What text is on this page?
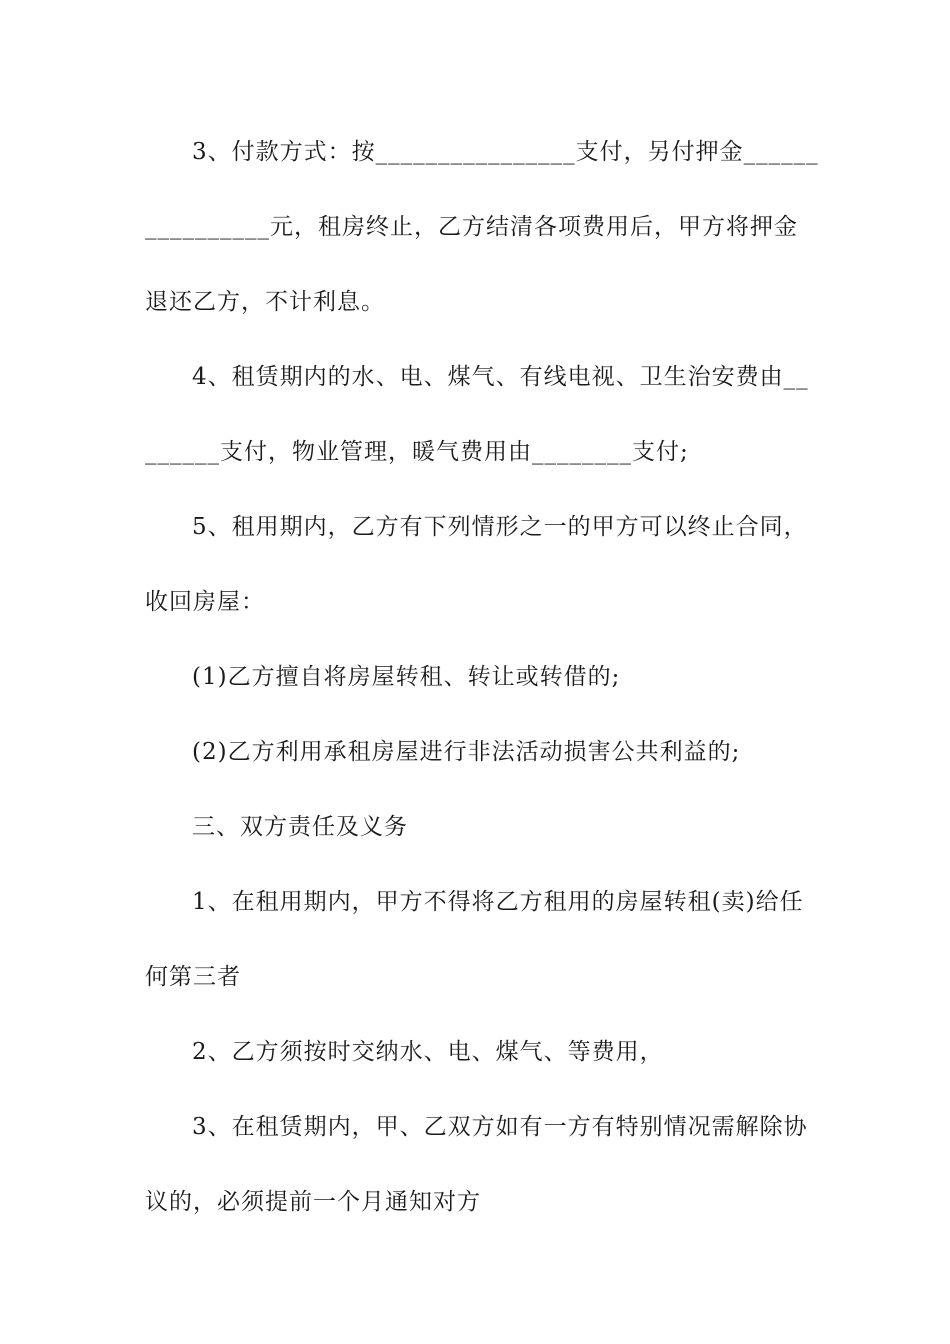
3、付款方式：按________________支付，另付押金______
__________元，租房终止，乙方结清各项费用后，甲方将押金
退还乙方，不计利息。
4、租赁期内的水、电、煤气、有线电视、卫生治安费由__
______支付，物业管理，暖气费用由________支付;
5、租用期内，乙方有下列情形之一的甲方可以终止合同，
收回房屋：
(1)乙方擅自将房屋转租、转让或转借的;
(2)乙方利用承租房屋进行非法活动损害公共利益的;
三、双方责任及义务
1、在租用期内，甲方不得将乙方租用的房屋转租(卖)给任
何第三者
2、乙方须按时交纳水、电、煤气、等费用，
3、在租赁期内，甲、乙双方如有一方有特别情况需解除协
议的，必须提前一个月通知对方
